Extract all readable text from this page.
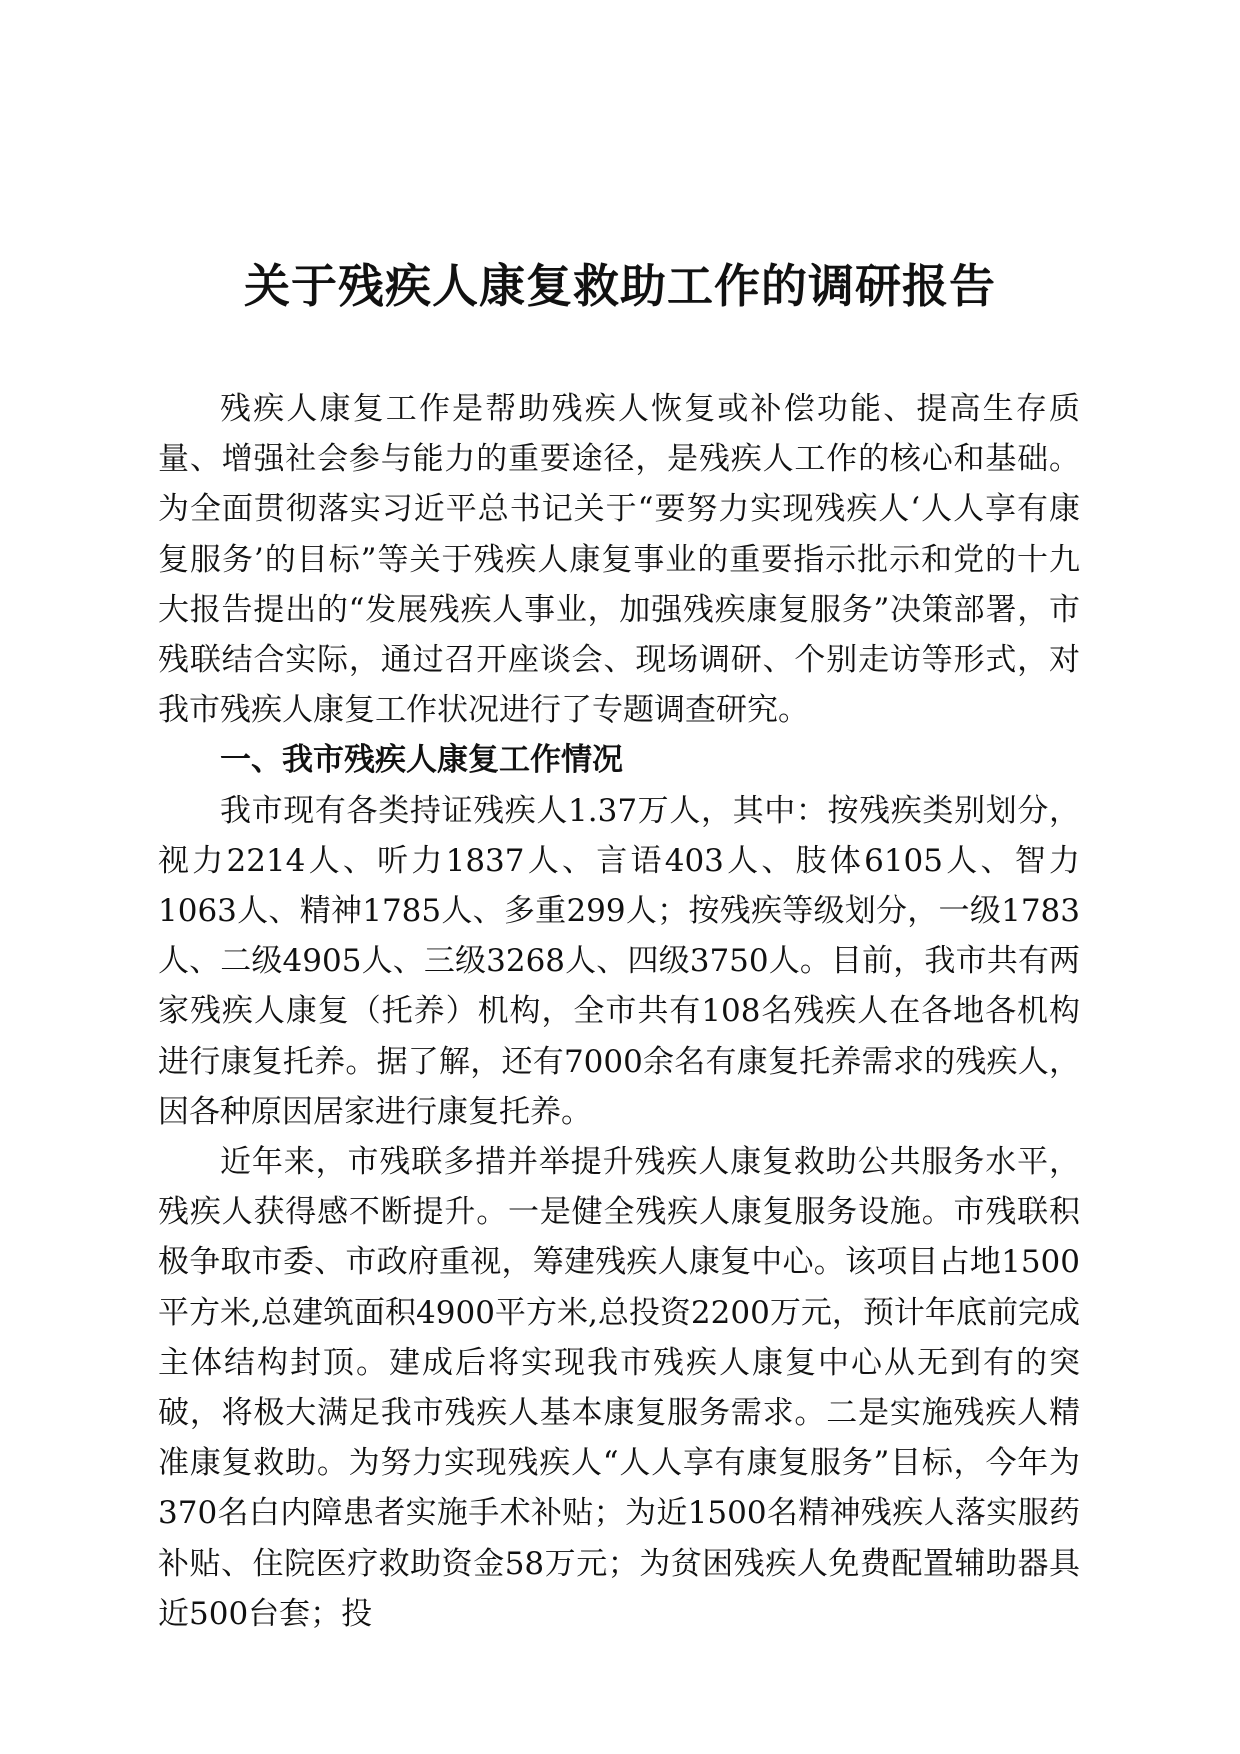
关于残疾人康复救助工作的调研报告

残疾人康复工作是帮助残疾人恢复或补偿功能、提高生存质量、增强社会参与能力的重要途径，是残疾人工作的核心和基础。为全面贯彻落实习近平总书记关于“要努力实现残疾人‘人人享有康复服务’的目标”等关于残疾人康复事业的重要指示批示和党的十九大报告提出的“发展残疾人事业，加强残疾康复服务”决策部署，市残联结合实际，通过召开座谈会、现场调研、个别走访等形式，对我市残疾人康复工作状况进行了专题调查研究。

一、我市残疾人康复工作情况

我市现有各类持证残疾人1.37万人，其中：按残疾类别划分，视力2214人、听力1837人、言语403人、肢体6105人、智力1063人、精神1785人、多重299人；按残疾等级划分，一级1783人、二级4905人、三级3268人、四级3750人。目前，我市共有两家残疾人康复（托养）机构，全市共有108名残疾人在各地各机构进行康复托养。据了解，还有7000余名有康复托养需求的残疾人，因各种原因居家进行康复托养。

近年来，市残联多措并举提升残疾人康复救助公共服务水平，残疾人获得感不断提升。一是健全残疾人康复服务设施。市残联积极争取市委、市政府重视，筹建残疾人康复中心。该项目占地1500平方米,总建筑面积4900平方米,总投资2200万元，预计年底前完成主体结构封顶。建成后将实现我市残疾人康复中心从无到有的突破，将极大满足我市残疾人基本康复服务需求。二是实施残疾人精准康复救助。为努力实现残疾人“人人享有康复服务”目标，今年为370名白内障患者实施手术补贴；为近1500名精神残疾人落实服药补贴、住院医疗救助资金58万元；为贫困残疾人免费配置辅助器具近500台套；投
